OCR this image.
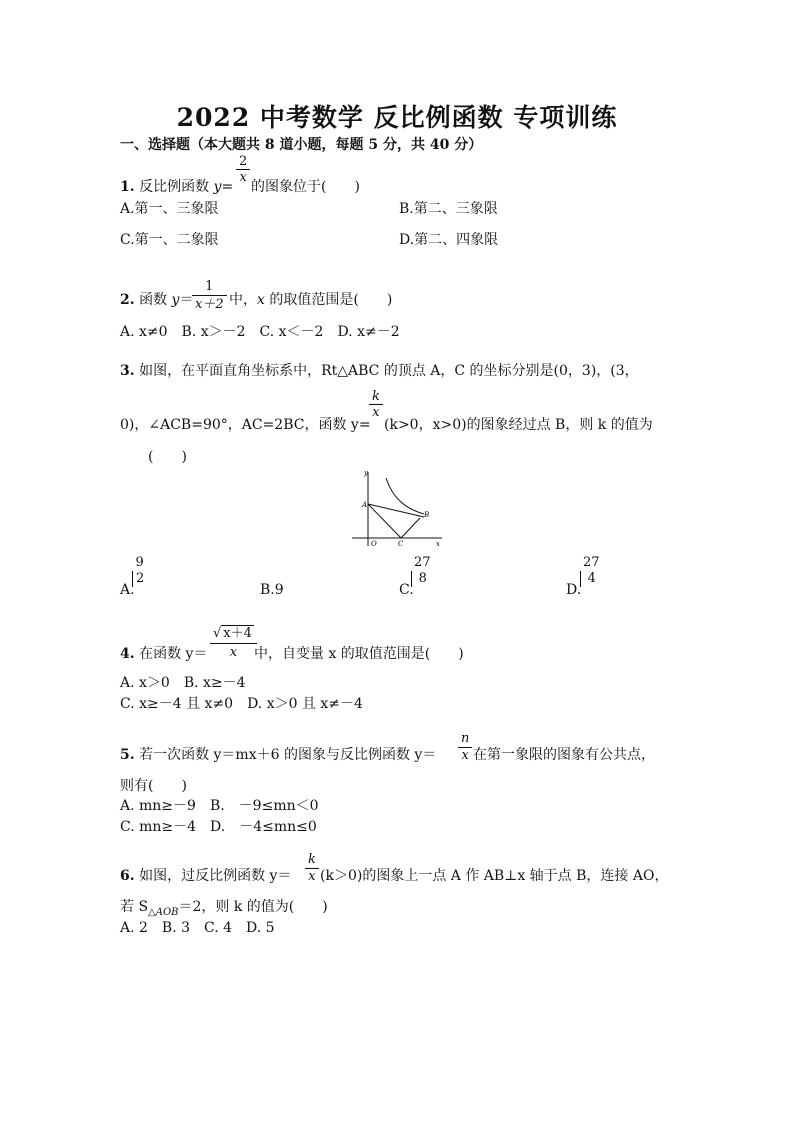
2022 中考数学 反比例函数 专项训练
一、选择题（本大题共 8 道小题，每题 5 分，共 40 分）
1. 反比例函数 y=
$\frac{2}{x}$
的图象位于(　　)
A.第一、三象限	B.第二、三象限
C.第一、二象限	D.第二、四象限
2. 函数 y＝
$\frac{1}{x+2}$ 中，x 的取值范围是(　　)
A. x≠0　B. x＞－2　C. x＜－2　D. x≠－2
3. 如图，在平面直角坐标系中，Rt△ABC 的顶点 A，C 的坐标分别是(0，3)，(3，
0)，∠ACB=90°，AC=2BC，函数 y=
$\frac{k}{x}$
(k>0，x>0)的图象经过点 B，则 k 的值为
(　　)
y
x
A
B
O	C
A.
9
2
B.9	C.
27
8
D.
27
4
4. 在函数 $y= \frac{√ x+4}{x}$
中，自变量 x 的取值范围是(　　)
A. x＞0　B. x≥－4
C. x≥－4 且 x≠0　D. x＞0 且 x≠－4
5. 若一次函数 y＝mx＋6 的图象与反比例函数 $y= \frac{n}{x}$ 在第一象限的图象有公共点，
则有(　　)
A. mn≥－9　B.　－9≤mn＜0
C. mn≥－4　D.　－4≤mn≤0
6. 如图，过反比例函数 $y= \frac{k}{x} (k>0)$的图象上一点 A 作 AB⊥x 轴于点 B，连接 AO，
若 $S_{\triangle AOB}=2$，则 k 的值为(　　)
A. 2　B. 3　C. 4　D. 5
